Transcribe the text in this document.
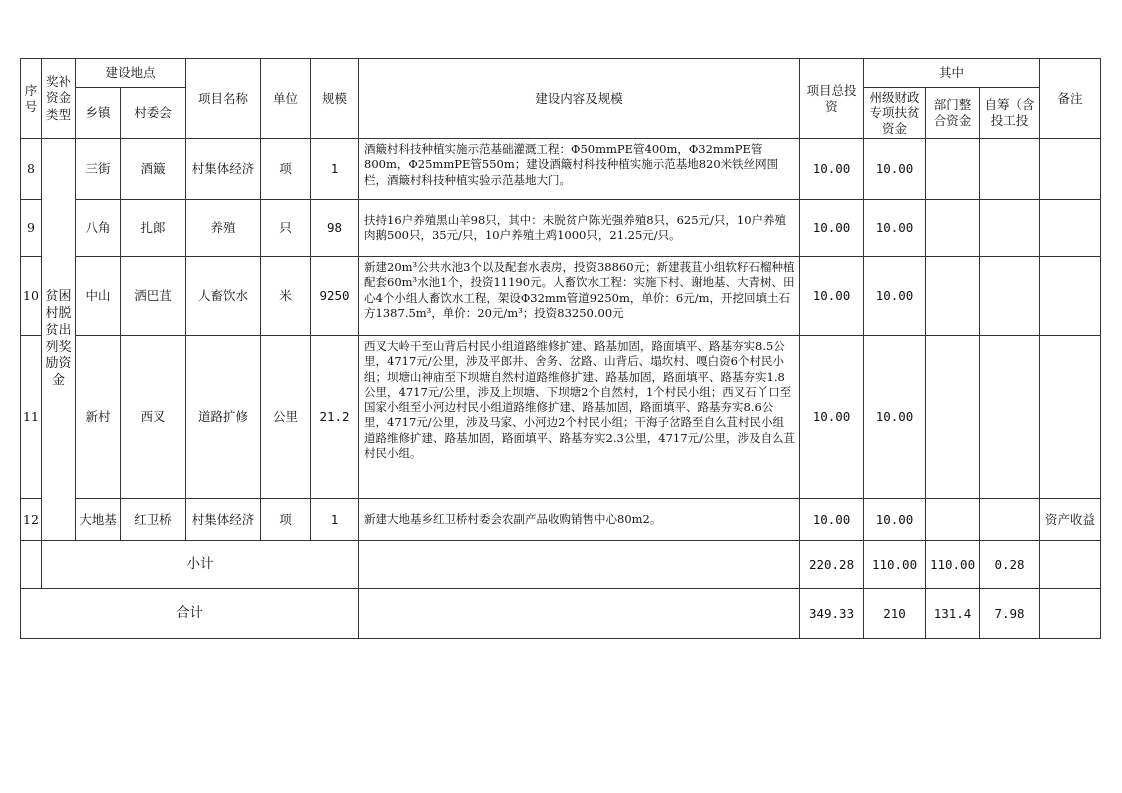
序号	奖补资金类型	建设地点		项目名称	单位	规模	建设内容及规模	项目总投资	其中			备注
		乡镇	村委会						州级财政专项扶贫资金	部门整合资金	自筹（含投工投	
8	贫困村脱贫出列奖励资金	三街	酒簸	村集体经济	项	1	酒簸村科技种植实施示范基础灌溉工程：Φ50mmPE管400m，Φ32mmPE管800m，Φ25mmPE管550m；建设酒簸村科技种植实施示范基地820米铁丝网围栏，酒簸村科技种植实验示范基地大门。	10.00	10.00			
9		八角	扎郎	养殖	只	98	扶持16户养殖黑山羊98只，其中：未脱贫户陈光强养殖8只，625元/只，10户养殖肉鹅500只，35元/只，10户养殖土鸡1000只，21.25元/只。	10.00	10.00			
10		中山	洒巴苴	人畜饮水	米	9250	新建20m³公共水池3个以及配套水表房，投资38860元；新建莪苴小组软籽石榴种植配套60m³水池1个，投资11190元。人畜饮水工程：实施下村、谢地基、大青树、田心4个小组人畜饮水工程，架设Φ32mm管道9250m，单价：6元/m，开挖回填土石方1387.5m³，单价：20元/m³；投资83250.00元	10.00	10.00			
11		新村	西叉	道路扩修	公里	21.2	西叉大岭干至山背后村民小组道路维修扩建、路基加固，路面填平、路基夯实8.5公里，4717元/公里，涉及平郎井、舍务、岔路、山背后、塌坎村、嘎白资6个村民小组；坝塘山神庙至下坝塘自然村道路维修扩建、路基加固，路面填平、路基夯实1.8公里，4717元/公里，涉及上坝塘、下坝塘2个自然村，1个村民小组；西叉石丫口至国家小组至小河边村民小组道路维修扩建、路基加固，路面填平、路基夯实8.6公里，4717元/公里，涉及马家、小河边2个村民小组；干海子岔路至自么苴村民小组道路维修扩建、路基加固，路面填平、路基夯实2.3公里，4717元/公里，涉及自么苴村民小组。	10.00	10.00			
12		大地基	红卫桥	村集体经济	项	1	新建大地基乡红卫桥村委会农副产品收购销售中心80m2。	10.00	10.00			资产收益
	小计							220.28	110.00	110.00	0.28	
合计								349.33	210	131.4	7.98	
